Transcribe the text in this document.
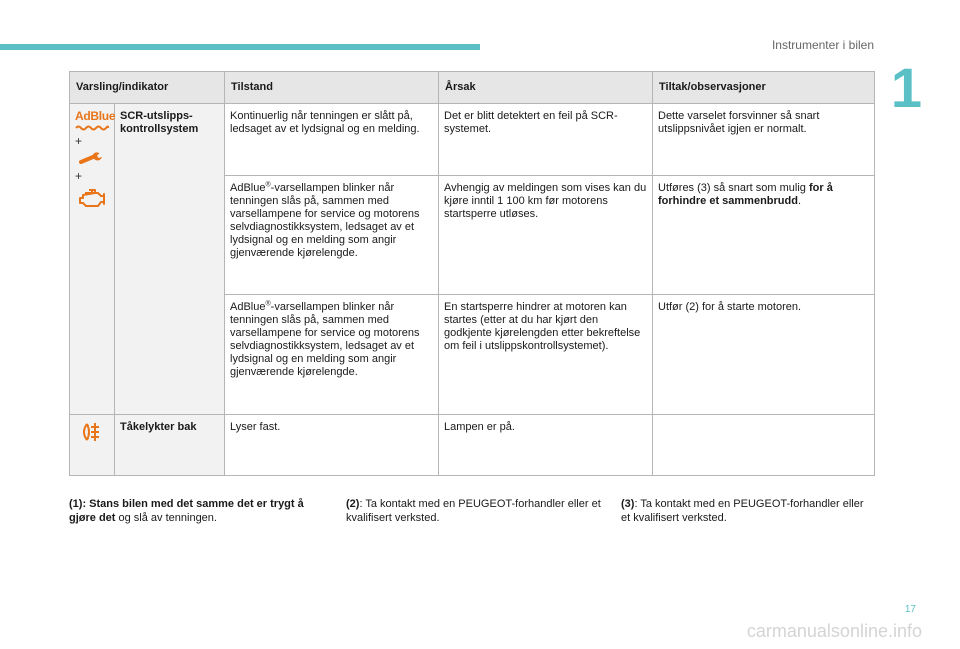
Instrumenter i bilen
1
Varsling/indikator		Tilstand	Årsak	Tiltak/observasjoner

AdBlue
+
+	SCR-utslipps-
kontrollsystem	Kontinuerlig når tenningen er slått på, ledsaget av et lydsignal og en melding.	Det er blitt detektert en feil på SCR-systemet.	Dette varselet forsvinner så snart utslippsnivået igjen er normalt.
		AdBlue®-varsellampen blinker når tenningen slås på, sammen med varsellampene for service og motorens selvdiagnostikksystem, ledsaget av et lydsignal og en melding som angir gjenværende kjørelengde.	Avhengig av meldingen som vises kan du kjøre inntil 1 100 km før motorens startsperre utløses.	Utføres (3) så snart som mulig for å forhindre et sammenbrudd.
		AdBlue®-varsellampen blinker når tenningen slås på, sammen med varsellampene for service og motorens selvdiagnostikksystem, ledsaget av et lydsignal og en melding som angir gjenværende kjørelengde.	En startsperre hindrer at motoren kan startes (etter at du har kjørt den godkjente kjørelengden etter bekreftelse om feil i utslippskontrollsystemet).	Utfør (2) for å starte motoren.

	Tåkelykter bak	Lyser fast.	Lampen er på.	
(1): Stans bilen med det samme det er trygt å gjøre det og slå av tenningen.
(2): Ta kontakt med en PEUGEOT-forhandler eller et kvalifisert verksted.
(3): Ta kontakt med en PEUGEOT-forhandler eller et kvalifisert verksted.
17
carmanualsonline.info
